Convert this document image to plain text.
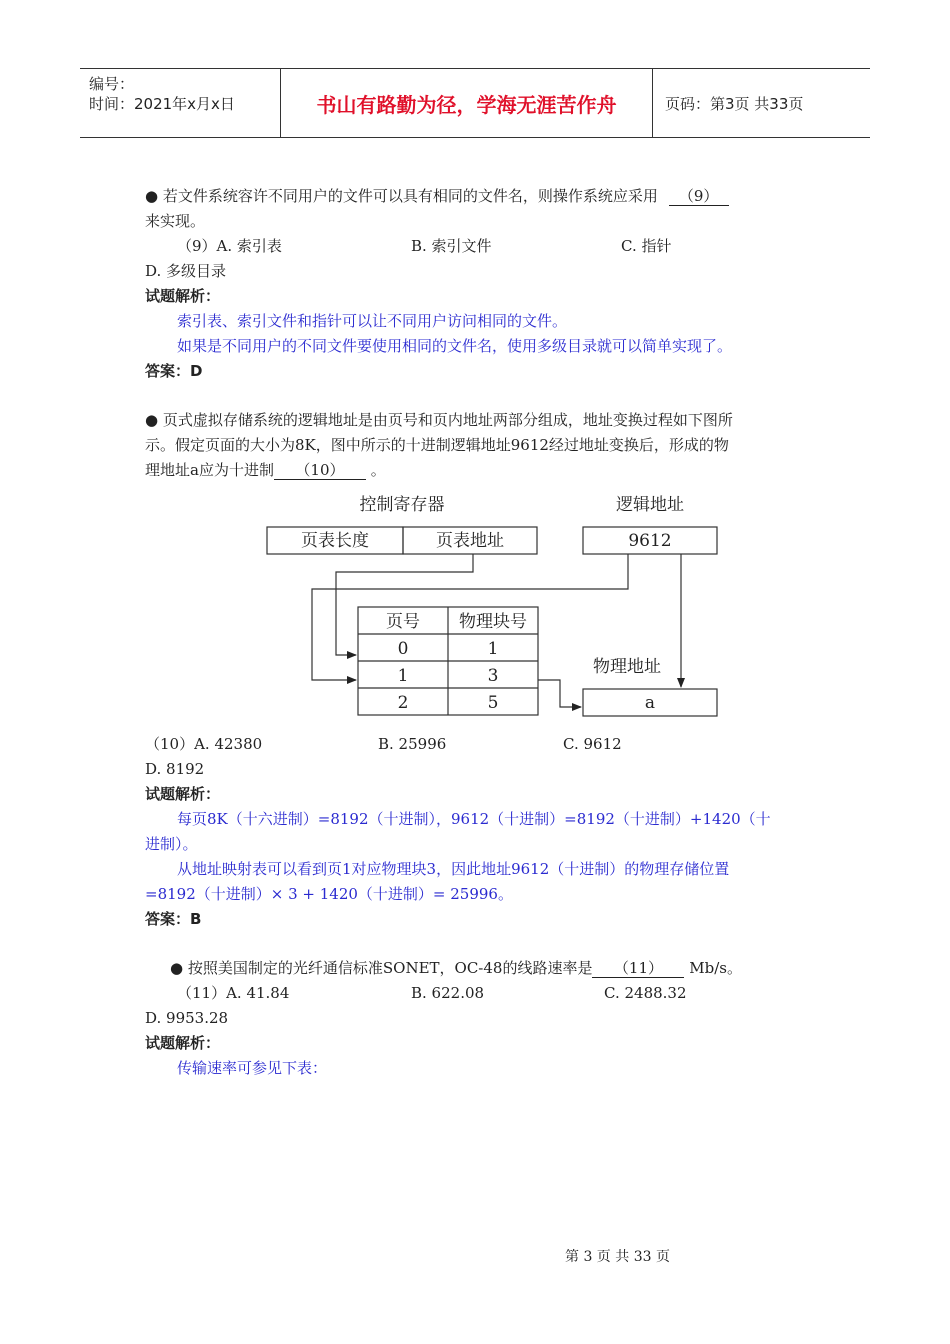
编号：
时间：2021年x月x日	书山有路勤为径，学海无涯苦作舟	页码：第3页 共33页
● 若文件系统容许不同用户的文件可以具有相同的文件名，则操作系统应采用 （9）
来实现。
（9）A. 索引表	B. 索引文件	C. 指针
D. 多级目录
试题解析：
索引表、索引文件和指针可以让不同用户访问相同的文件。
如果是不同用户的不同文件要使用相同的文件名，使用多级目录就可以简单实现了。
答案：D
● 页式虚拟存储系统的逻辑地址是由页号和页内地址两部分组成，地址变换过程如下图所
示。假定页面的大小为8K，图中所示的十进制逻辑地址9612经过地址变换后，形成的物
理地址a应为十进制 （10） 。
控制寄存器
页表长度	页表地址
逻辑地址
9612
页号 物理块号
0	1
1	3
2	5
物理地址
a
（10）A. 42380	B. 25996	C. 9612
D. 8192
试题解析：
每页8K（十六进制）=8192（十进制），9612（十进制）=8192（十进制）+1420（十
进制）。
从地址映射表可以看到页1对应物理块3，因此地址9612（十进制）的物理存储位置
=8192（十进制）× 3 + 1420（十进制）= 25996。
答案：B
● 按照美国制定的光纤通信标准SONET，OC-48的线路速率是 （11） Mb/s。
（11）A. 41.84	B. 622.08	C. 2488.32
D. 9953.28
试题解析：
传输速率可参见下表：
第 3 页 共 33 页
